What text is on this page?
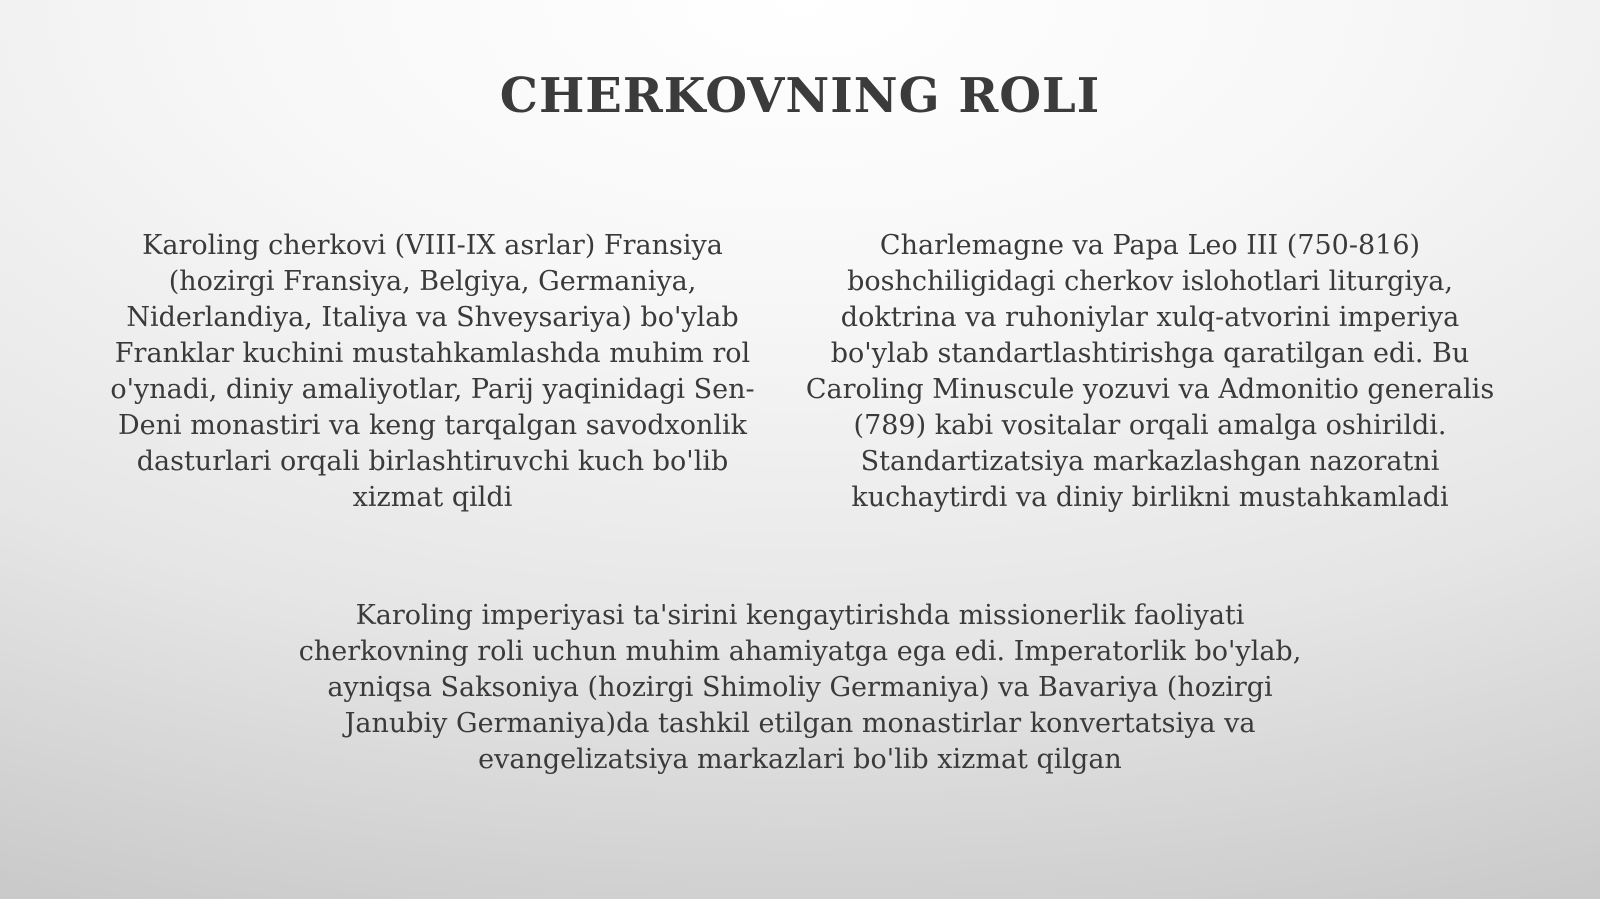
CHERKOVNING ROLI

Karoling cherkovi (VIII-IX asrlar) Fransiya (hozirgi Fransiya, Belgiya, Germaniya, Niderlandiya, Italiya va Shveysariya) bo'ylab Franklar kuchini mustahkamlashda muhim rol o'ynadi, diniy amaliyotlar, Parij yaqinidagi Sen-Deni monastiri va keng tarqalgan savodxonlik dasturlari orqali birlashtiruvchi kuch bo'lib xizmat qildi

Charlemagne va Papa Leo III (750-816) boshchiligidagi cherkov islohotlari liturgiya, doktrina va ruhoniylar xulq-atvorini imperiya bo'ylab standartlashtirishga qaratilgan edi. Bu Caroling Minuscule yozuvi va Admonitio generalis (789) kabi vositalar orqali amalga oshirildi. Standartizatsiya markazlashgan nazoratni kuchaytirdi va diniy birlikni mustahkamladi

Karoling imperiyasi ta'sirini kengaytirishda missionerlik faoliyati cherkovning roli uchun muhim ahamiyatga ega edi. Imperatorlik bo'ylab, ayniqsa Saksoniya (hozirgi Shimoliy Germaniya) va Bavariya (hozirgi Janubiy Germaniya)da tashkil etilgan monastirlar konvertatsiya va evangelizatsiya markazlari bo'lib xizmat qilgan
